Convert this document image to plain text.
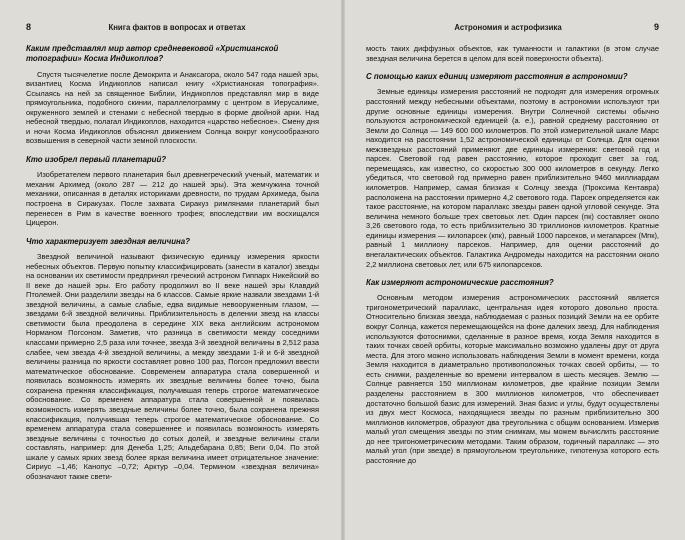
8	Книга фактов в вопросах и ответах
Каким представлял мир автор средневековой «Христианской топографии» Косма Индикоплов?

Спустя тысячелетие после Демокрита и Анаксагора, около 547 года нашей эры, византиец Косма Индикоплов написал книгу «Христианская топография». Ссылаясь на ней за священное Библии, Индикоплов представлял мир в виде прямоугольника, подобного скинии, параллелограмму с центром в Иерусалиме, окруженного землей и стенами с небесной твердью в форме двойной арки. Над небесной твердью, полагал Индикоплов, находится «царство небесное». Смену дня и ночи Косма Индикоплов объяснял движением Солнца вокруг конусообразного возвышения в северной части земной плоскости.

Кто изобрел первый планетарий?

Изобретателем первого планетария был древнегреческий ученый, математик и механик Архимед (около 287 — 212 до нашей эры). Эта жемчужина точной механики, описанная в деталях историками древности, по трудам Архимеда, была построена в Сиракузах. После захвата Сиракуз римлянами планетарий был перенесен в Рим в качестве военного трофея; впоследствии им восхищался Цицерон.

Что характеризует звездная величина?

Звездной величиной называют физическую единицу измерения яркости небесных объектов. Первую попытку классифицировать (занести в каталог) звезды на основании их светимости предпринял греческий астроном Гиппарх Никейский во II веке до нашей эры. Его работу продолжил во II веке нашей эры Клавдий Птолемей. Они разделили звезды на 6 классов. Самые яркие назвали звездами 1-й звездной величины, а самые слабые, едва видимые невооруженным глазом, — звездами 6-й звездной величины. Приблизительность в делении звезд на классы светимости была преодолена в середине XIX века английским астрономом Норманом Погсоном. Заметив, что разница в светимости между соседними классами примерно 2,5 раза или точнее, звезда 3-й звездной величины в 2,512 раза слабее, чем звезда 4-й звездной величины, а между звездами 1-й и 6-й звездной величины разница по яркости составляет ровно 100 раз, Погсон предложил ввести математическое обоснование. Современем аппаратура стала совершенной и появилась возможность измерять их звездные величины более точно, была сохранена прежняя классификация, получившая теперь строгое математическое обоснование. Со временем аппаратура стала совершенной и появилась возможность измерять звездные величины более точно, была сохранена прежняя классификация, получившая теперь строгое математическое обоснование. Со временем аппаратура стала совершеннее и появилась возможность измерять звездные величины с точностью до сотых долей, и звездные величины стали составлять, например: для Денеба 1,25; Альдебарана 0,85; Веги 0,04. По этой шкале у самых ярких звезд более яркая величина имеет отрицательное значение: Сириус –1,46; Канопус –0,72; Арктур –0,04. Термином «звездная величина» обозначают также свети-

Астрономия и астрофизика	9

мость таких диффузных объектов, как туманности и галактики (в этом случае звездная величина берется в целом для всей поверхности объекта).

С помощью каких единиц измеряют расстояния в астрономии?

Земные единицы измерения расстояний не подходят для измерения огромных расстояний между небесными объектами, поэтому в астрономии используют три другие основные единицы измерения. Внутри Солнечной системы обычно пользуются астрономической единицей (а. е.), равной среднему расстоянию от Земли до Солнца — 149 600 000 километров. По этой измерительной шкале Марс находится на расстоянии 1,52 астрономической единицы от Солнца. Для оценки межзвездных расстояний применяют две единицы измерения: световой год и парсек. Световой год равен расстоянию, которое проходит свет за год, перемещаясь, как известно, со скоростью 300 000 километров в секунду. Легко убедиться, что световой год примерно равен приблизительно 9460 миллиардам километров. Например, самая близкая к Солнцу звезда (Проксима Кентавра) расположена на расстоянии примерно 4,2 светового года. Парсек определяется как такое расстояние, на котором параллакс звезды равен одной угловой секунде. Эта величина немного больше трех световых лет. Один парсек (пк) составляет около 3,26 светового года, то есть приблизительно 30 триллионов километров. Кратные единицы измерения — килопарсек (кпк), равный 1000 парсеков, и мегапарсек (Мпк), равный 1 миллиону парсеков. Например, для оценки расстояний до внегалактических объектов. Галактика Андромеды находится на расстоянии около 2,2 миллиона световых лет, или 675 килопарсеков.

Как измеряют астрономические расстояния?

Основным методом измерения астрономических расстояний является тригонометрический параллакс, центральная идея которого довольно проста. Относительно близкая звезда, наблюдаемая с разных позиций Земли на ее орбите вокруг Солнца, кажется перемещающейся на фоне далеких звезд. Для наблюдения используются фотоснимки, сделанные в разное время, когда Земля находится в таких точках своей орбиты, которые максимально возможно удалены друг от друга места. Для этого можно использовать наблюдения Земли в момент времени, когда Земля находится в диаметрально противоположных точках своей орбиты, — то есть снимки, разделенные во времени интервалом в шесть месяцев. Землю — Солнце равняется 150 миллионам километров, две крайние позиции Земли разделены расстоянием в 300 миллионов километров, что обеспечивает достаточно большой базис для измерений. Зная базис и углы, будут осуществлены из двух мест Космоса, находящиеся звезды по разным приблизительно 300 миллионов километров, образуют два треугольника с общим основанием. Измерив малый угол смещения звезды по этим снимкам, мы можем вычислить расстояние до нее тригонометрическим методами. Таким образом, годичный параллакс — это малый угол (при звезде) в прямоугольном треугольнике, гипотенуза которого есть расстояние до
